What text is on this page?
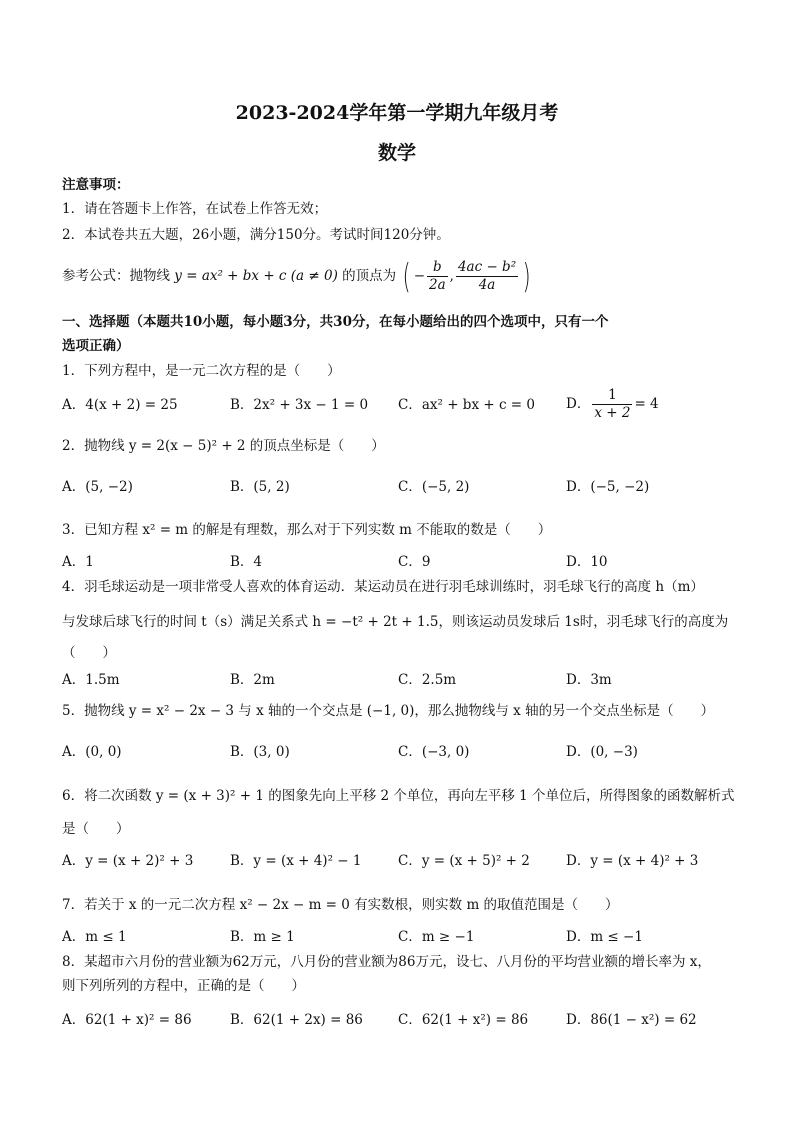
2023-2024学年第一学期九年级月考
数学
注意事项：
1．请在答题卡上作答，在试卷上作答无效；
2．本试卷共五大题，26小题，满分150分。考试时间120分钟。
参考公式：抛物线 y = ax² + bx + c (a ≠ 0) 的顶点为 ( − $\frac{b}{2a}$ , $\frac{\text{4ac − b²}}{4a}$ )
一、选择题（本题共10小题，每小题3分，共30分，在每小题给出的四个选项中，只有一个
选项正确）
1．下列方程中，是一元二次方程的是（　　）
A．4(x + 2) = 25	B．2x² + 3x − 1 = 0 C．ax² + bx + c = 0 D． $\frac{1}{x + 2} = 4$
2．抛物线 y = 2(x − 5)² + 2 的顶点坐标是（　　）
A．(5, −2)	B．(5, 2)	C．(−5, 2)	D．(−5, −2)
3．已知方程 x² = m 的解是有理数，那么对于下列实数 m 不能取的数是（　　）
A．1	B．4	C．9	D．10
4．羽毛球运动是一项非常受人喜欢的体育运动．某运动员在进行羽毛球训练时，羽毛球飞行的高度 h（m）
与发球后球飞行的时间 t（s）满足关系式 h = −t² + 2t + 1.5，则该运动员发球后 1s时，羽毛球飞行的高度为
（　　）
A．1.5m	B．2m	C．2.5m	D．3m
5．抛物线 y = x² − 2x − 3 与 x 轴的一个交点是 (−1, 0)，那么抛物线与 x 轴的另一个交点坐标是（　　）
A．(0, 0)	B．(3, 0)	C．(−3, 0)	D．(0, −3)
6．将二次函数 y = (x + 3)² + 1 的图象先向上平移 2 个单位，再向左平移 1 个单位后，所得图象的函数解析式
是（　　）
A．y = (x + 2)² + 3	B．y = (x + 4)² − 1	C．y = (x + 5)² + 2	D．y = (x + 4)² + 3
7．若关于 x 的一元二次方程 x² − 2x − m = 0 有实数根，则实数 m 的取值范围是（　　）
A．m ≤ 1	B．m ≥ 1	C．m ≥ −1	D．m ≤ −1
8．某超市六月份的营业额为62万元，八月份的营业额为86万元，设七、八月份的平均营业额的增长率为 x，
则下列所列的方程中，正确的是（　　）
A．62(1 + x)² = 86	B．62(1 + 2x) = 86	C．62(1 + x²) = 86	D．86(1 − x²) = 62
